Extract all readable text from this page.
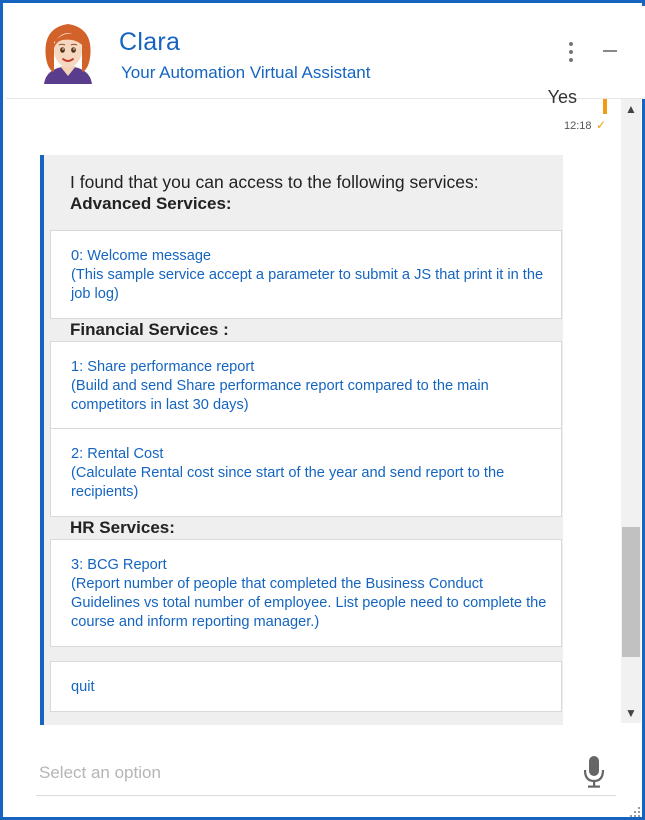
Clara
Your Automation Virtual Assistant
Yes
12:18 ✓
I found that you can access to the following services:
Advanced Services:
0: Welcome message
(This sample service accept a parameter to submit a JS that print it in the job log)
Financial Services :
1: Share performance report
(Build and send Share performance report compared to the main competitors in last 30 days)
2: Rental Cost
(Calculate Rental cost since start of the year and send report to the recipients)
HR Services:
3: BCG Report
(Report number of people that completed the Business Conduct Guidelines vs total number of employee. List people need to complete the course and inform reporting manager.)
quit
▲
▼
Select an option
